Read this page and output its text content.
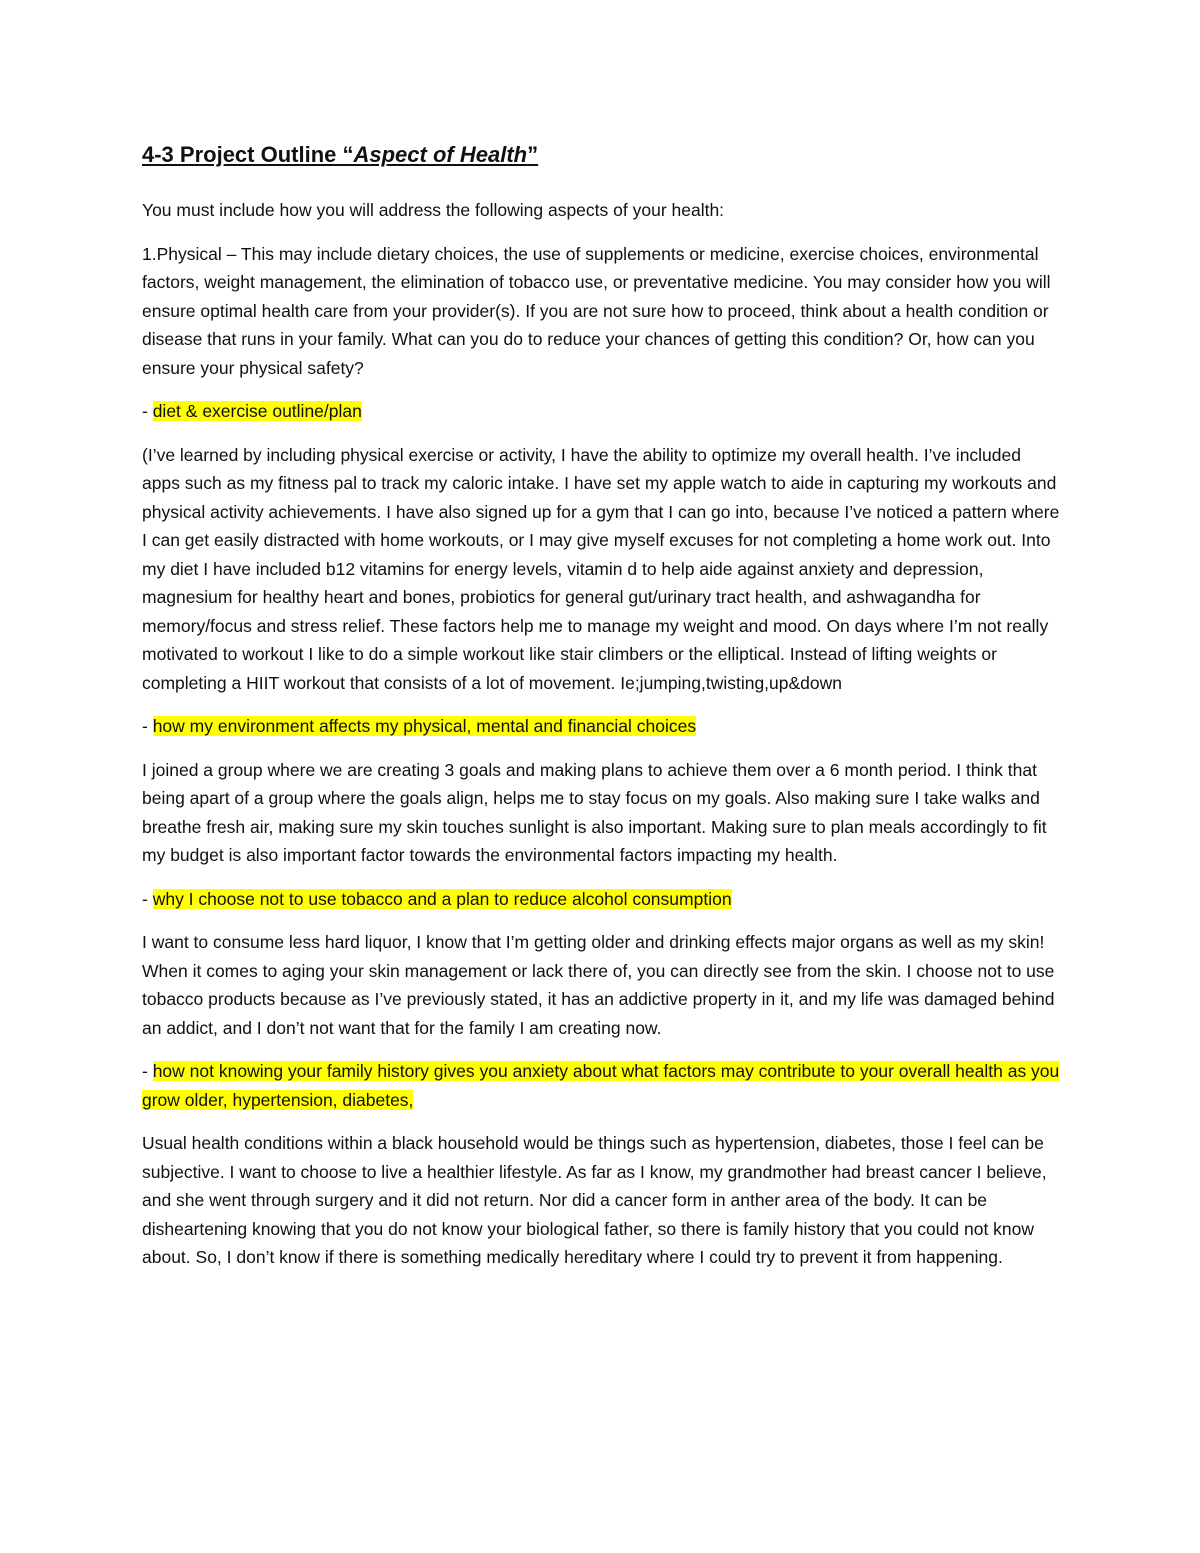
4-3 Project Outline “Aspect of Health”

You must include how you will address the following aspects of your health:

1.Physical – This may include dietary choices, the use of supplements or medicine, exercise choices, environmental factors, weight management, the elimination of tobacco use, or preventative medicine. You may consider how you will ensure optimal health care from your provider(s). If you are not sure how to proceed, think about a health condition or disease that runs in your family. What can you do to reduce your chances of getting this condition? Or, how can you ensure your physical safety?

- diet & exercise outline/plan

(I’ve learned by including physical exercise or activity, I have the ability to optimize my overall health. I’ve included apps such as my fitness pal to track my caloric intake. I have set my apple watch to aide in capturing my workouts and physical activity achievements. I have also signed up for a gym that I can go into, because I’ve noticed a pattern where I can get easily distracted with home workouts, or I may give myself excuses for not completing a home work out. Into my diet I have included b12 vitamins for energy levels, vitamin d to help aide against anxiety and depression, magnesium for healthy heart and bones, probiotics for general gut/urinary tract health, and ashwagandha for memory/focus and stress relief. These factors help me to manage my weight and mood. On days where I’m not really motivated to workout I like to do a simple workout like stair climbers or the elliptical. Instead of lifting weights or completing a HIIT workout that consists of a lot of movement. Ie;jumping,twisting,up&down

- how my environment affects my physical, mental and financial choices

I joined a group where we are creating 3 goals and making plans to achieve them over a 6 month period. I think that being apart of a group where the goals align, helps me to stay focus on my goals. Also making sure I take walks and breathe fresh air, making sure my skin touches sunlight is also important. Making sure to plan meals accordingly to fit my budget is also important factor towards the environmental factors impacting my health.

- why I choose not to use tobacco and a plan to reduce alcohol consumption

I want to consume less hard liquor, I know that I’m getting older and drinking effects major organs as well as my skin! When it comes to aging your skin management or lack there of, you can directly see from the skin. I choose not to use tobacco products because as I’ve previously stated, it has an addictive property in it, and my life was damaged behind an addict, and I don’t not want that for the family I am creating now.

- how not knowing your family history gives you anxiety about what factors may contribute to your overall health as you grow older, hypertension, diabetes,

Usual health conditions within a black household would be things such as hypertension, diabetes, those I feel can be subjective. I want to choose to live a healthier lifestyle. As far as I know, my grandmother had breast cancer I believe, and she went through surgery and it did not return. Nor did a cancer form in anther area of the body. It can be disheartening knowing that you do not know your biological father, so there is family history that you could not know about. So, I don’t know if there is something medically hereditary where I could try to prevent it from happening.
